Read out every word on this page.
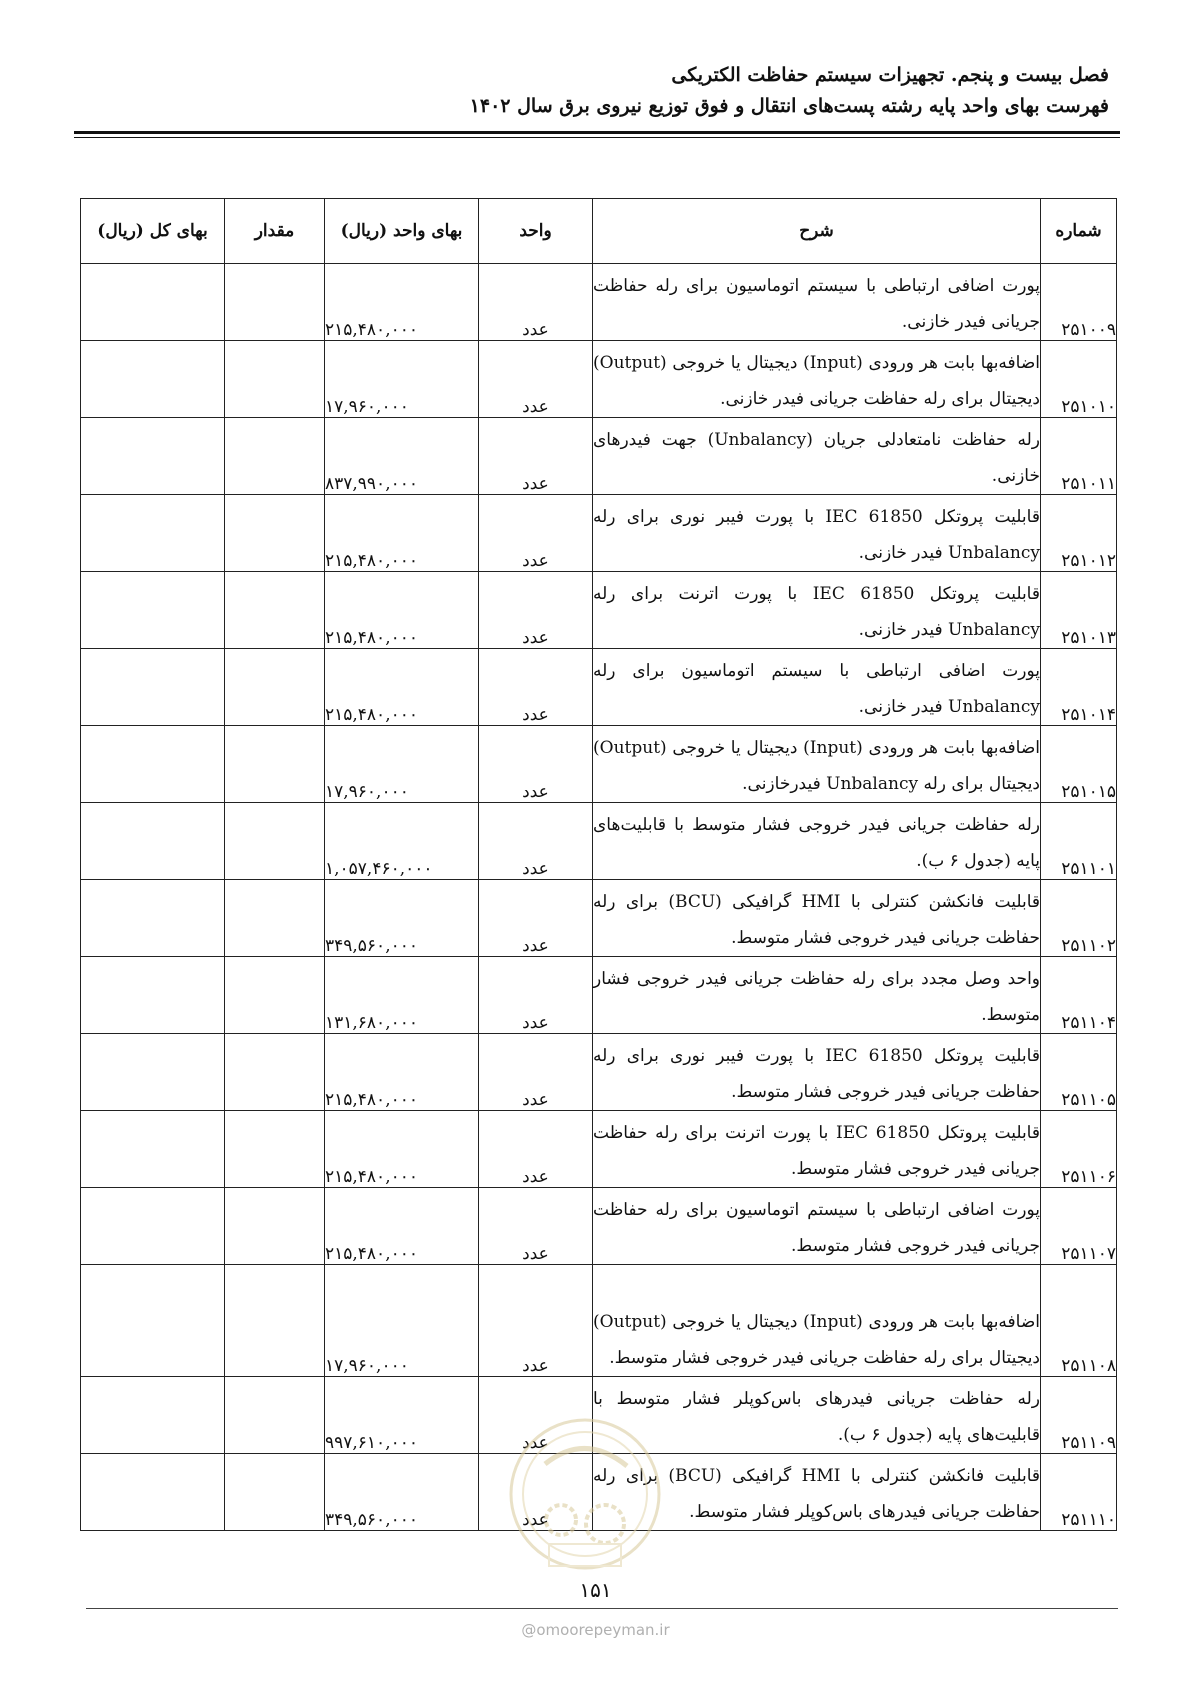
فصل بیست و پنجم. تجهیزات سیستم حفاظت الکتریکی
فهرست بهای واحد پایه رشته پست‌های انتقال و فوق توزیع نیروی برق سال ۱۴۰۲
شماره	شرح	واحد	بهای واحد (ریال)	مقدار	بهای کل (ریال)
۲۵۱۰۰۹	پورت اضافی ارتباطی با سیستم اتوماسیون برای رله حفاظت جریانی فیدر خازنی.	عدد	۲۱۵,۴۸۰,۰۰۰		
۲۵۱۰۱۰	اضافه‌بها بابت هر ورودی (Input) دیجیتال یا خروجی (Output) دیجیتال برای رله حفاظت جریانی فیدر خازنی.	عدد	۱۷,۹۶۰,۰۰۰		
۲۵۱۰۱۱	رله حفاظت نامتعادلی جریان (Unbalancy) جهت فیدرهای خازنی.	عدد	۸۳۷,۹۹۰,۰۰۰		
۲۵۱۰۱۲	قابلیت پروتکل IEC 61850 با پورت فیبر نوری برای رله Unbalancy فیدر خازنی.	عدد	۲۱۵,۴۸۰,۰۰۰		
۲۵۱۰۱۳	قابلیت پروتکل IEC 61850 با پورت اترنت برای رله Unbalancy فیدر خازنی.	عدد	۲۱۵,۴۸۰,۰۰۰		
۲۵۱۰۱۴	پورت اضافی ارتباطی با سیستم اتوماسیون برای رله Unbalancy فیدر خازنی.	عدد	۲۱۵,۴۸۰,۰۰۰		
۲۵۱۰۱۵	اضافه‌بها بابت هر ورودی (Input) دیجیتال یا خروجی (Output) دیجیتال برای رله Unbalancy فیدرخازنی.	عدد	۱۷,۹۶۰,۰۰۰		
۲۵۱۱۰۱	رله حفاظت جریانی فیدر خروجی فشار متوسط با قابلیت‌های پایه (جدول ۶ ب).	عدد	۱,۰۵۷,۴۶۰,۰۰۰		
۲۵۱۱۰۲	قابلیت فانکشن کنترلی با HMI گرافیکی (BCU) برای رله حفاظت جریانی فیدر خروجی فشار متوسط.	عدد	۳۴۹,۵۶۰,۰۰۰		
۲۵۱۱۰۴	واحد وصل مجدد برای رله حفاظت جریانی فیدر خروجی فشار متوسط.	عدد	۱۳۱,۶۸۰,۰۰۰		
۲۵۱۱۰۵	قابلیت پروتکل IEC 61850 با پورت فیبر نوری برای رله حفاظت جریانی فیدر خروجی فشار متوسط.	عدد	۲۱۵,۴۸۰,۰۰۰		
۲۵۱۱۰۶	قابلیت پروتکل IEC 61850 با پورت اترنت برای رله حفاظت جریانی فیدر خروجی فشار متوسط.	عدد	۲۱۵,۴۸۰,۰۰۰		
۲۵۱۱۰۷	پورت اضافی ارتباطی با سیستم اتوماسیون برای رله حفاظت جریانی فیدر خروجی فشار متوسط.	عدد	۲۱۵,۴۸۰,۰۰۰		
۲۵۱۱۰۸	اضافه‌بها بابت هر ورودی (Input) دیجیتال یا خروجی (Output) دیجیتال برای رله حفاظت جریانی فیدر خروجی فشار متوسط.	عدد	۱۷,۹۶۰,۰۰۰		
۲۵۱۱۰۹	رله حفاظت جریانی فیدرهای باس‌کوپلر فشار متوسط با قابلیت‌های پایه (جدول ۶ ب).	عدد	۹۹۷,۶۱۰,۰۰۰		
۲۵۱۱۱۰	قابلیت فانکشن کنترلی با HMI گرافیکی (BCU) برای رله حفاظت جریانی فیدرهای باس‌کوپلر فشار متوسط.	عدد	۳۴۹,۵۶۰,۰۰۰		
۱۵۱
@omoorepeyman.ir
